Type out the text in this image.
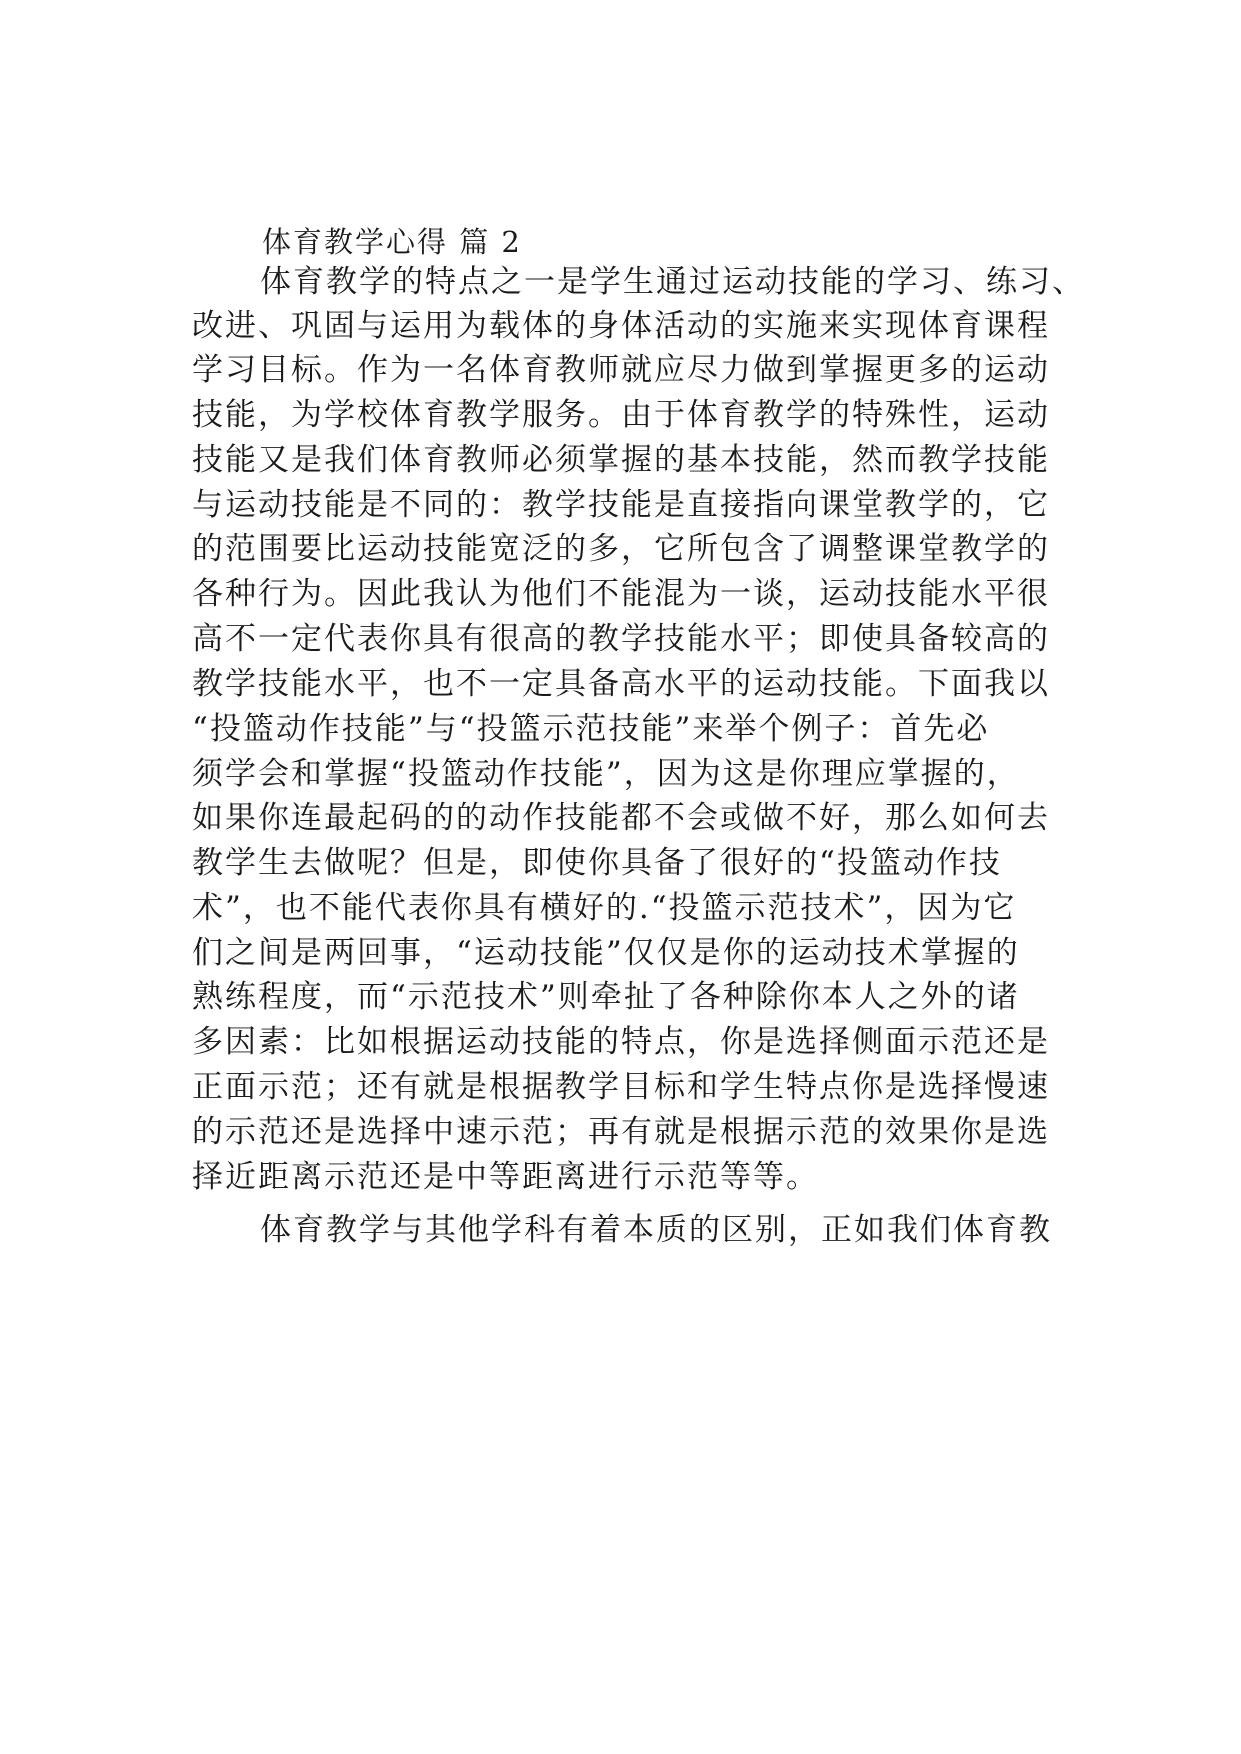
体育教学心得 篇 2
体育教学的特点之一是学生通过运动技能的学习、练习、
改进、巩固与运用为载体的身体活动的实施来实现体育课程
学习目标。作为一名体育教师就应尽力做到掌握更多的运动
技能，为学校体育教学服务。由于体育教学的特殊性，运动
技能又是我们体育教师必须掌握的基本技能，然而教学技能
与运动技能是不同的：教学技能是直接指向课堂教学的，它
的范围要比运动技能宽泛的多，它所包含了调整课堂教学的
各种行为。因此我认为他们不能混为一谈，运动技能水平很
高不一定代表你具有很高的教学技能水平；即使具备较高的
教学技能水平，也不一定具备高水平的运动技能。下面我以
“投篮动作技能”与“投篮示范技能”来举个例子：首先必
须学会和掌握“投篮动作技能”，因为这是你理应掌握的，
如果你连最起码的的动作技能都不会或做不好，那么如何去
教学生去做呢？但是，即使你具备了很好的“投篮动作技
术”，也不能代表你具有横好的.“投篮示范技术”，因为它
们之间是两回事，“运动技能”仅仅是你的运动技术掌握的
熟练程度，而“示范技术”则牵扯了各种除你本人之外的诸
多因素：比如根据运动技能的特点，你是选择侧面示范还是
正面示范；还有就是根据教学目标和学生特点你是选择慢速
的示范还是选择中速示范；再有就是根据示范的效果你是选
择近距离示范还是中等距离进行示范等等。
体育教学与其他学科有着本质的区别，正如我们体育教
